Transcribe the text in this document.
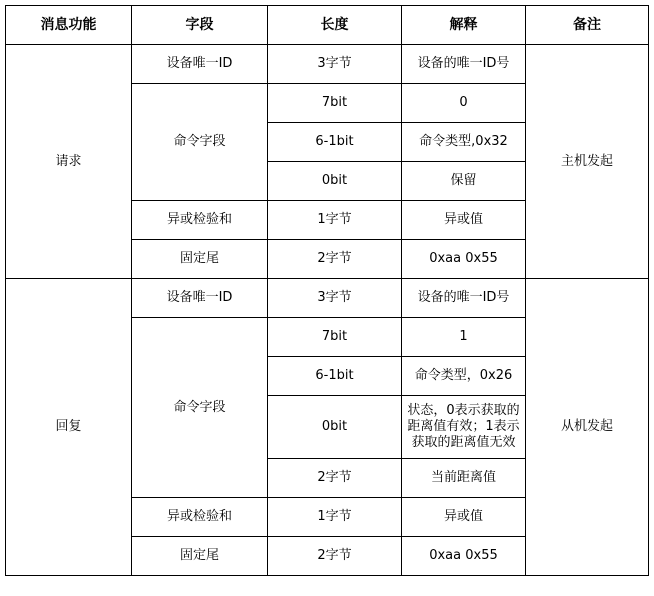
消息功能	字段	长度	解释	备注
请求	设备唯一ID	3字节	设备的唯一ID号	主机发起
	命令字段	7bit	0	
		6-1bit	命令类型,0x32	
		0bit	保留	
	异或检验和	1字节	异或值	
	固定尾	2字节	0xaa 0x55	
回复	设备唯一ID	3字节	设备的唯一ID号	从机发起
	命令字段	7bit	1	
		6-1bit	命令类型，0x26	
		0bit	状态，0表示获取的距离值有效；1表示获取的距离值无效	
		2字节	当前距离值	
	异或检验和	1字节	异或值	
	固定尾	2字节	0xaa 0x55	
